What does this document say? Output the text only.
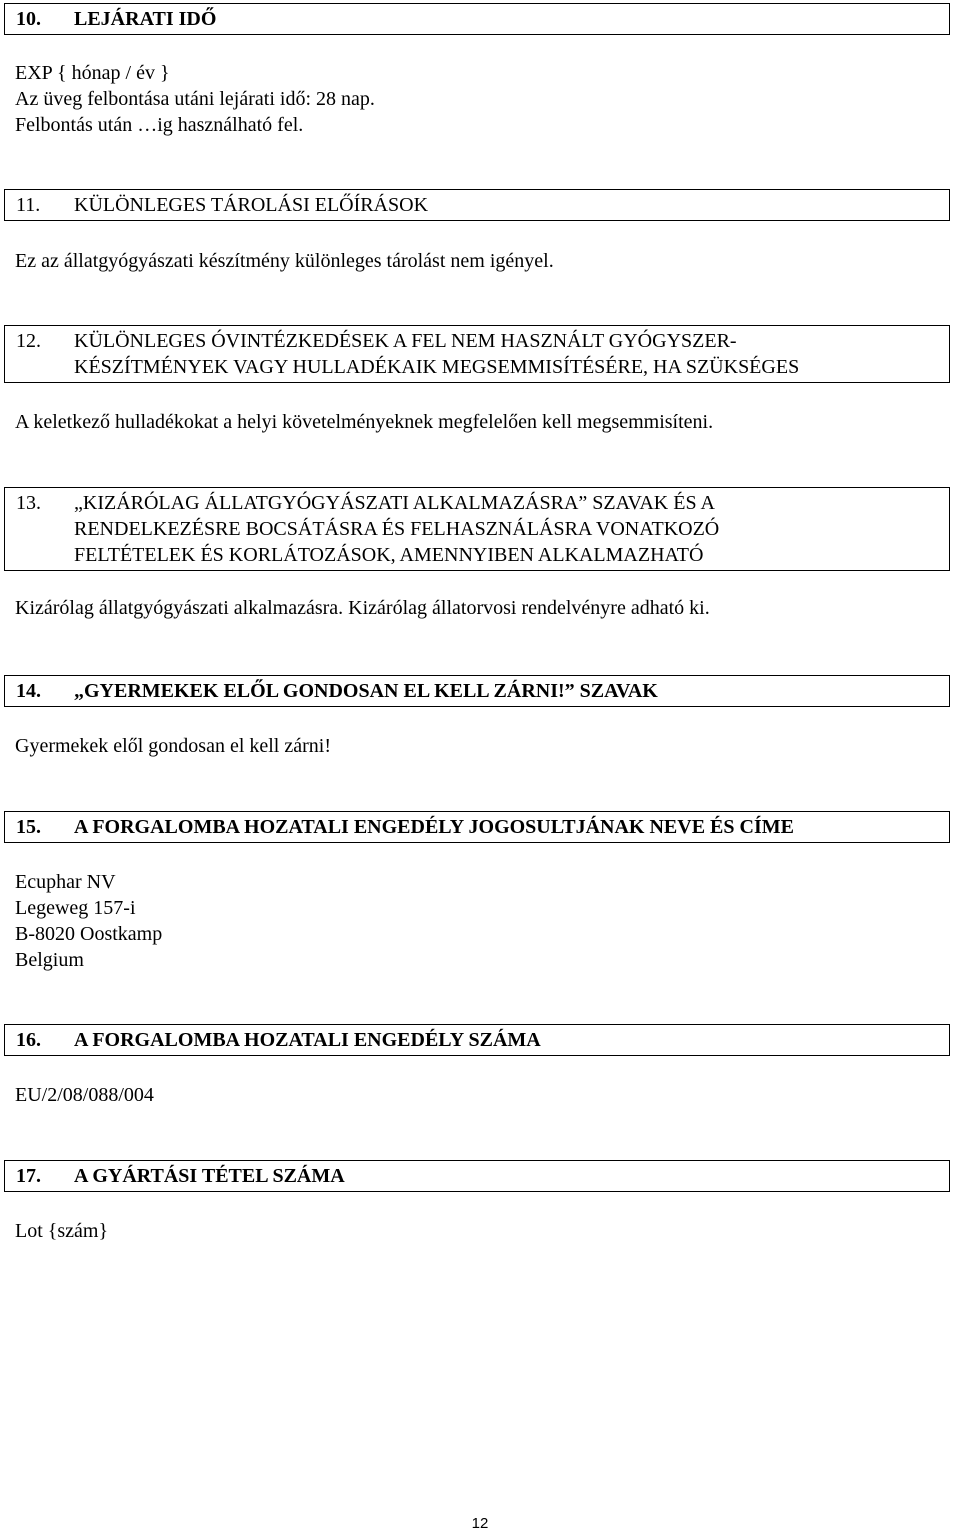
10.	LEJÁRATI IDŐ
EXP { hónap / év }
Az üveg felbontása utáni lejárati idő: 28 nap.
Felbontás után …ig használható fel.
11.	KÜLÖNLEGES TÁROLÁSI ELŐÍRÁSOK
Ez az állatgyógyászati készítmény különleges tárolást nem igényel.
12.	KÜLÖNLEGES ÓVINTÉZKEDÉSEK A FEL NEM HASZNÁLT GYÓGYSZER-
KÉSZÍTMÉNYEK VAGY HULLADÉKAIK MEGSEMMISÍTÉSÉRE, HA SZÜKSÉGES
A keletkező hulladékokat a helyi követelményeknek megfelelően kell megsemmisíteni.
13.	„KIZÁRÓLAG ÁLLATGYÓGYÁSZATI ALKALMAZÁSRA” SZAVAK ÉS A
RENDELKEZÉSRE BOCSÁTÁSRA ÉS FELHASZNÁLÁSRA VONATKOZÓ
FELTÉTELEK ÉS KORLÁTOZÁSOK, AMENNYIBEN ALKALMAZHATÓ
Kizárólag állatgyógyászati alkalmazásra. Kizárólag állatorvosi rendelvényre adható ki.
14.	„GYERMEKEK ELŐL GONDOSAN EL KELL ZÁRNI!” SZAVAK
Gyermekek elől gondosan el kell zárni!
15.	A FORGALOMBA HOZATALI ENGEDÉLY JOGOSULTJÁNAK NEVE ÉS CÍME
Ecuphar NV
Legeweg 157-i
B-8020 Oostkamp
Belgium
16.	A FORGALOMBA HOZATALI ENGEDÉLY SZÁMA
EU/2/08/088/004
17.	A GYÁRTÁSI TÉTEL SZÁMA
Lot {szám}
12
